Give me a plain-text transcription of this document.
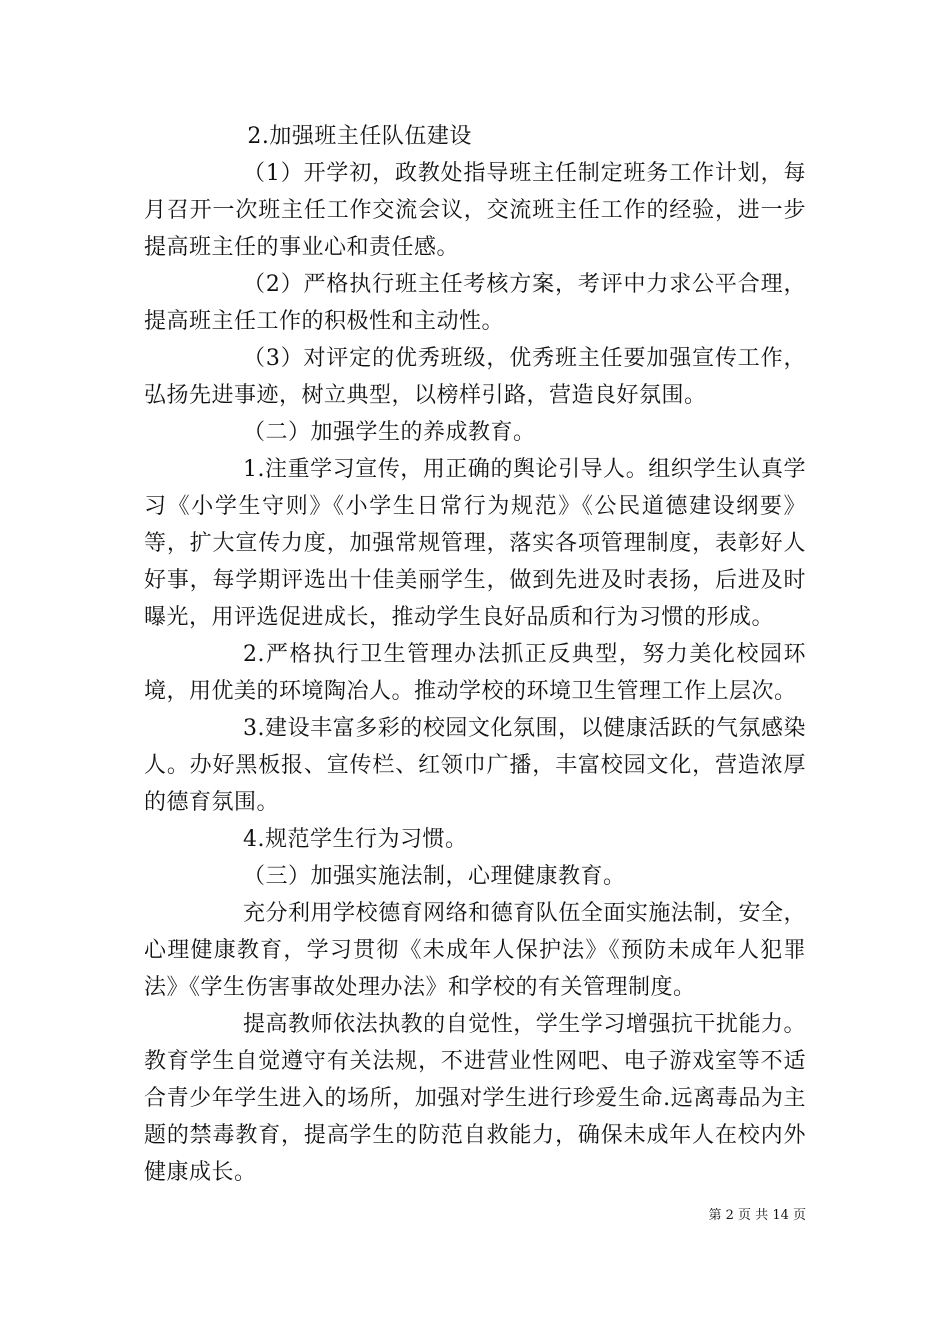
2.加强班主任队伍建设

（1）开学初，政教处指导班主任制定班务工作计划，每月召开一次班主任工作交流会议，交流班主任工作的经验，进一步提高班主任的事业心和责任感。

（2）严格执行班主任考核方案，考评中力求公平合理，提高班主任工作的积极性和主动性。

（3）对评定的优秀班级，优秀班主任要加强宣传工作，弘扬先进事迹，树立典型，以榜样引路，营造良好氛围。

（二）加强学生的养成教育。

1.注重学习宣传，用正确的舆论引导人。组织学生认真学习《小学生守则》《小学生日常行为规范》《公民道德建设纲要》等，扩大宣传力度，加强常规管理，落实各项管理制度，表彰好人好事，每学期评选出十佳美丽学生，做到先进及时表扬，后进及时曝光，用评选促进成长，推动学生良好品质和行为习惯的形成。

2.严格执行卫生管理办法抓正反典型，努力美化校园环境，用优美的环境陶冶人。推动学校的环境卫生管理工作上层次。

3.建设丰富多彩的校园文化氛围，以健康活跃的气氛感染人。办好黑板报、宣传栏、红领巾广播，丰富校园文化，营造浓厚的德育氛围。

4.规范学生行为习惯。

（三）加强实施法制，心理健康教育。

充分利用学校德育网络和德育队伍全面实施法制，安全，心理健康教育，学习贯彻《未成年人保护法》《预防未成年人犯罪法》《学生伤害事故处理办法》和学校的有关管理制度。

提高教师依法执教的自觉性，学生学习增强抗干扰能力。教育学生自觉遵守有关法规，不进营业性网吧、电子游戏室等不适合青少年学生进入的场所，加强对学生进行珍爱生命.远离毒品为主题的禁毒教育，提高学生的防范自救能力，确保未成年人在校内外健康成长。

第 2 页 共 14 页
